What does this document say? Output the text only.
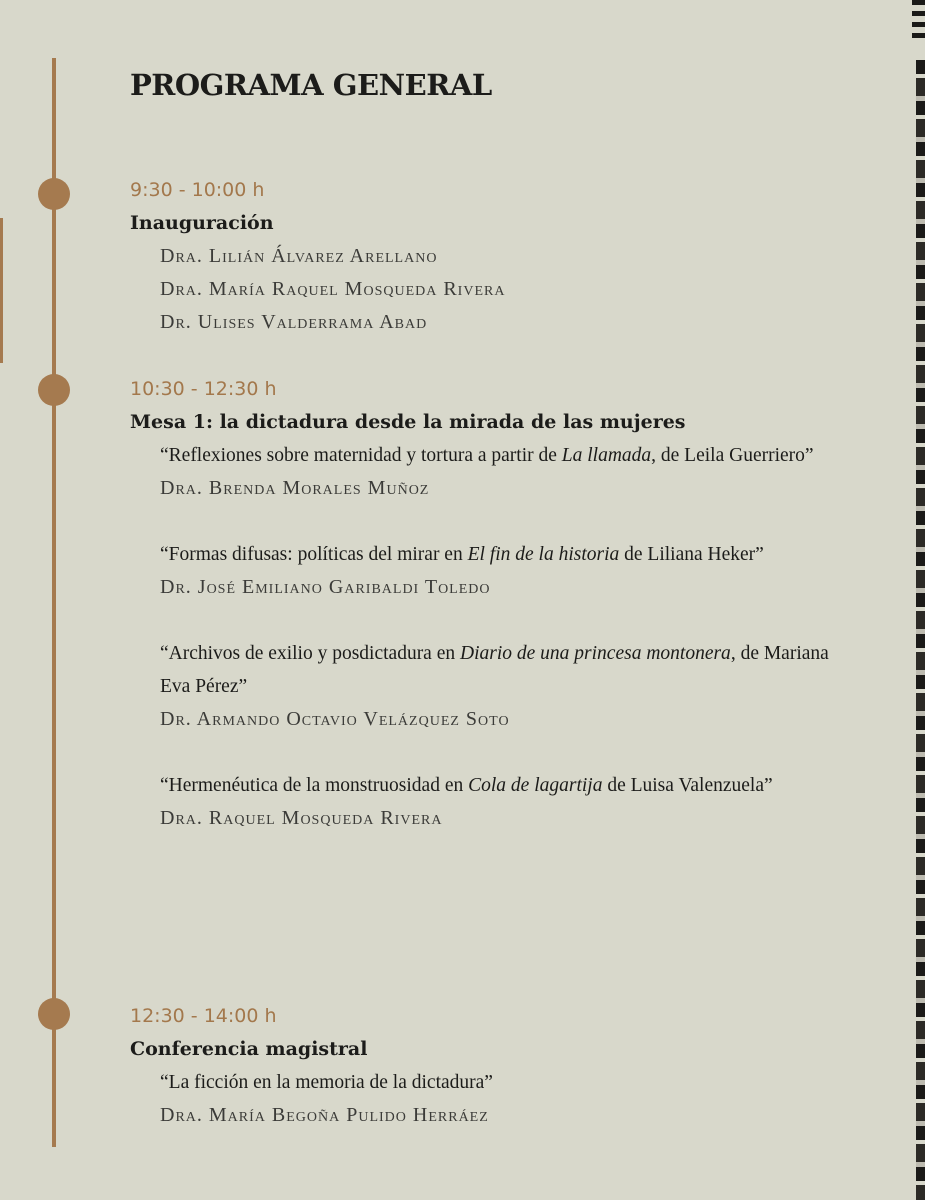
PROGRAMA GENERAL
9:30 - 10:00 h
Inauguración
Dra. Lilián Álvarez Arellano
Dra. María Raquel Mosqueda Rivera
Dr. Ulises Valderrama Abad
10:30 - 12:30 h
Mesa 1: la dictadura desde la mirada de las mujeres
“Reflexiones sobre maternidad y tortura a partir de La llamada, de Leila Guerriero”
Dra. Brenda Morales Muñoz
“Formas difusas: políticas del mirar en El fin de la historia de Liliana Heker”
Dr. José Emiliano Garibaldi Toledo
“Archivos de exilio y posdictadura en Diario de una princesa montonera, de Mariana Eva Pérez”
Dr. Armando Octavio Velázquez Soto
“Hermenéutica de la monstruosidad en Cola de lagartija de Luisa Valenzuela”
Dra. Raquel Mosqueda Rivera
12:30 - 14:00 h
Conferencia magistral
“La ficción en la memoria de la dictadura”
Dra. María Begoña Pulido Herráez
